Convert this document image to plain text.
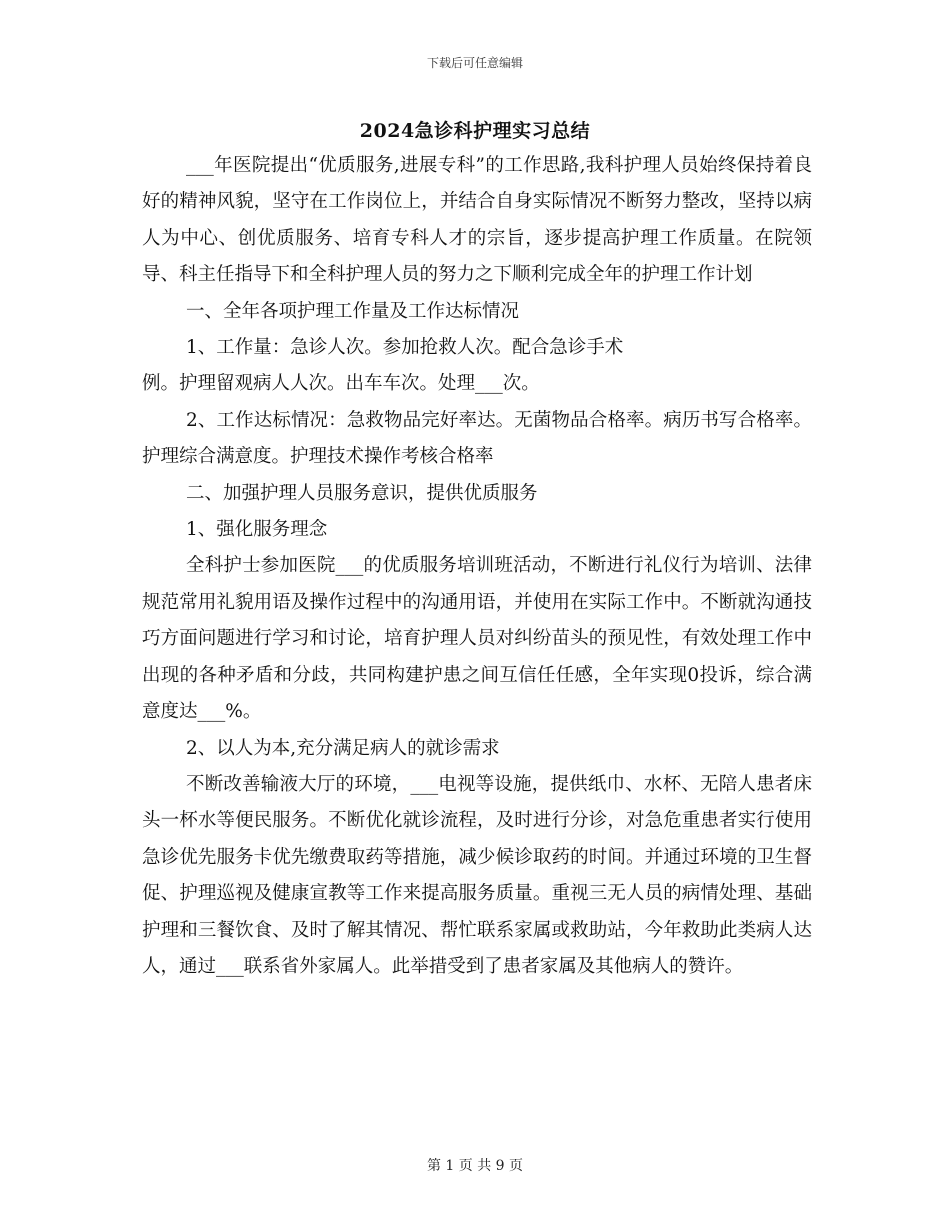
下载后可任意编辑
2024急诊科护理实习总结

___年医院提出“优质服务,进展专科”的工作思路,我科护理人员始终保持着良好的精神风貌，坚守在工作岗位上，并结合自身实际情况不断努力整改，坚持以病人为中心、创优质服务、培育专科人才的宗旨，逐步提高护理工作质量。在院领导、科主任指导下和全科护理人员的努力之下顺利完成全年的护理工作计划

一、全年各项护理工作量及工作达标情况

1、工作量：急诊人次。参加抢救人次。配合急诊手术

例。护理留观病人人次。出车车次。处理___次。

2、工作达标情况：急救物品完好率达。无菌物品合格率。病历书写合格率。护理综合满意度。护理技术操作考核合格率

二、加强护理人员服务意识，提供优质服务

1、强化服务理念

全科护士参加医院___的优质服务培训班活动，不断进行礼仪行为培训、法律规范常用礼貌用语及操作过程中的沟通用语，并使用在实际工作中。不断就沟通技巧方面问题进行学习和讨论，培育护理人员对纠纷苗头的预见性，有效处理工作中出现的各种矛盾和分歧，共同构建护患之间互信任任感，全年实现0投诉，综合满意度达___%。

2、以人为本,充分满足病人的就诊需求

不断改善输液大厅的环境，___电视等设施，提供纸巾、水杯、无陪人患者床头一杯水等便民服务。不断优化就诊流程，及时进行分诊，对急危重患者实行使用急诊优先服务卡优先缴费取药等措施，减少候诊取药的时间。并通过环境的卫生督促、护理巡视及健康宣教等工作来提高服务质量。重视三无人员的病情处理、基础护理和三餐饮食、及时了解其情况、帮忙联系家属或救助站，今年救助此类病人达人，通过___联系省外家属人。此举措受到了患者家属及其他病人的赞许。

第 1 页 共 9 页
